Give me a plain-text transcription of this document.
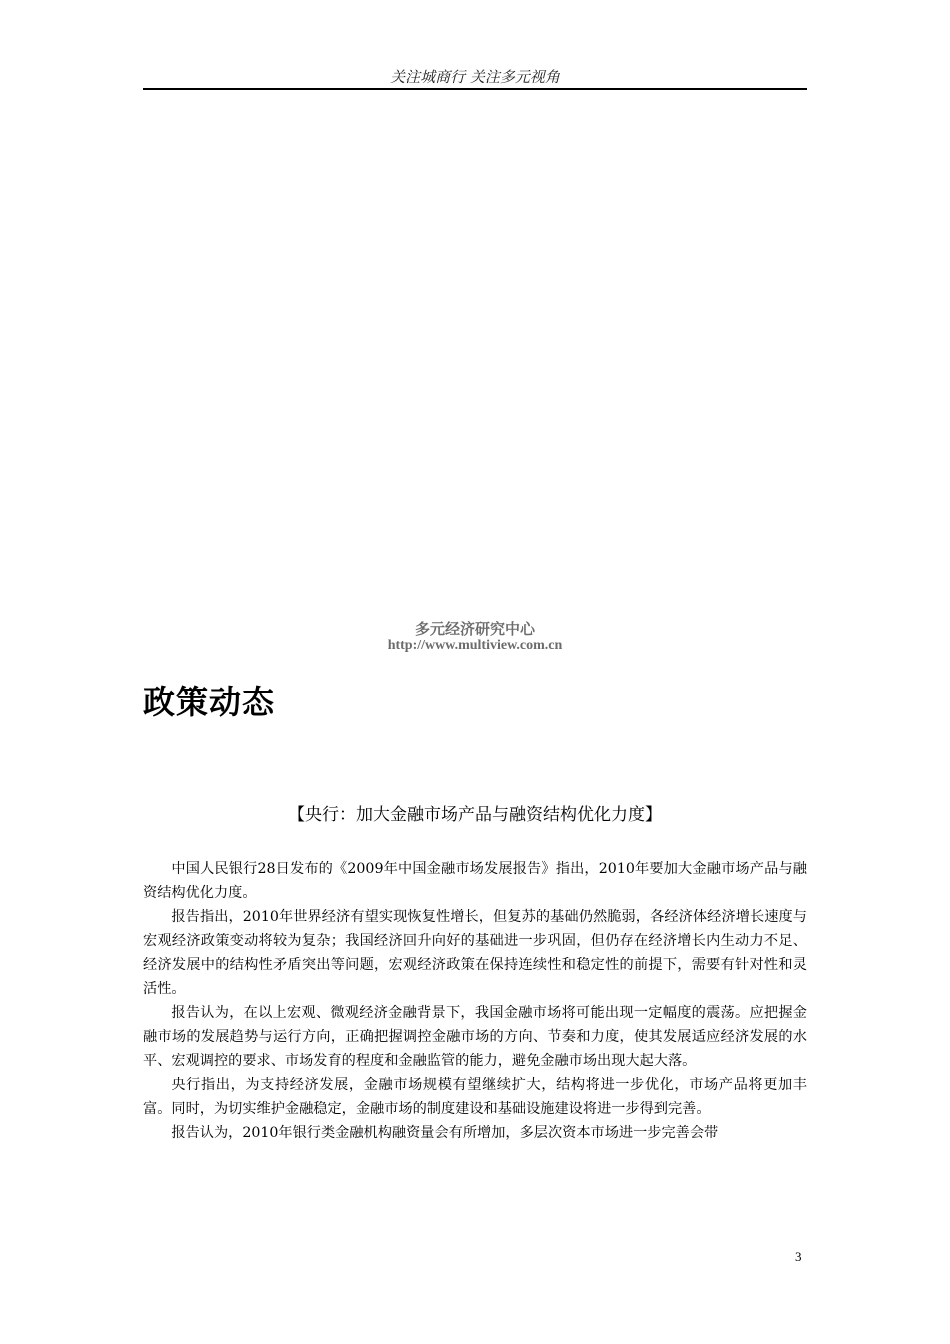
关注城商行 关注多元视角
多元经济研究中心
http://www.multiview.com.cn
政策动态
【央行：加大金融市场产品与融资结构优化力度】

中国人民银行28日发布的《2009年中国金融市场发展报告》指出，2010年要加大金融市场产品与融资结构优化力度。

报告指出，2010年世界经济有望实现恢复性增长，但复苏的基础仍然脆弱，各经济体经济增长速度与宏观经济政策变动将较为复杂；我国经济回升向好的基础进一步巩固，但仍存在经济增长内生动力不足、经济发展中的结构性矛盾突出等问题，宏观经济政策在保持连续性和稳定性的前提下，需要有针对性和灵活性。

报告认为，在以上宏观、微观经济金融背景下，我国金融市场将可能出现一定幅度的震荡。应把握金融市场的发展趋势与运行方向，正确把握调控金融市场的方向、节奏和力度，使其发展适应经济发展的水平、宏观调控的要求、市场发育的程度和金融监管的能力，避免金融市场出现大起大落。

央行指出，为支持经济发展，金融市场规模有望继续扩大，结构将进一步优化，市场产品将更加丰富。同时，为切实维护金融稳定，金融市场的制度建设和基础设施建设将进一步得到完善。

报告认为，2010年银行类金融机构融资量会有所增加，多层次资本市场进一步完善会带

3
